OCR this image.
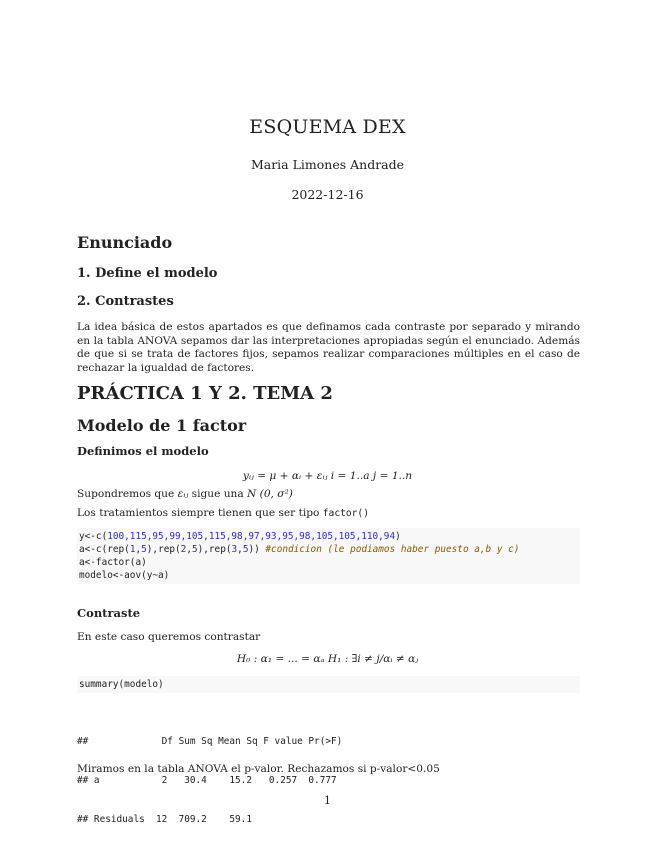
ESQUEMA DEX
Maria Limones Andrade
2022-12-16
Enunciado
1. Define el modelo
2. Contrastes
La idea básica de estos apartados es que definamos cada contraste por separado y mirando en la tabla ANOVA sepamos dar las interpretaciones apropiadas según el enunciado. Además de que si se trata de factores fijos, sepamos realizar comparaciones múltiples en el caso de rechazar la igualdad de factores.
PRÁCTICA 1 Y 2. TEMA 2
Modelo de 1 factor
Definimos el modelo
yᵢⱼ = μ + αᵢ + εᵢⱼ i = 1..a j = 1..n
Supondremos que εᵢⱼ sigue una N (0, σ²)
Los tratamientos siempre tienen que ser tipo factor()
y<-c(100,115,95,99,105,115,98,97,93,95,98,105,105,110,94)
a<-c(rep(1,5),rep(2,5),rep(3,5)) #condicion (le podiamos haber puesto a,b y c)
a<-factor(a)
modelo<-aov(y~a)
Contraste
En este caso queremos contrastar
H₀ : α₁ = ... = αₐ H₁ : ∃i ≠ j/αᵢ ≠ αⱼ
summary(modelo)

##             Df Sum Sq Mean Sq F value Pr(>F)

## a           2   30.4    15.2   0.257  0.777

## Residuals  12  709.2    59.1

Miramos en la tabla ANOVA el p-valor. Rechazamos si p-valor<0.05
1
